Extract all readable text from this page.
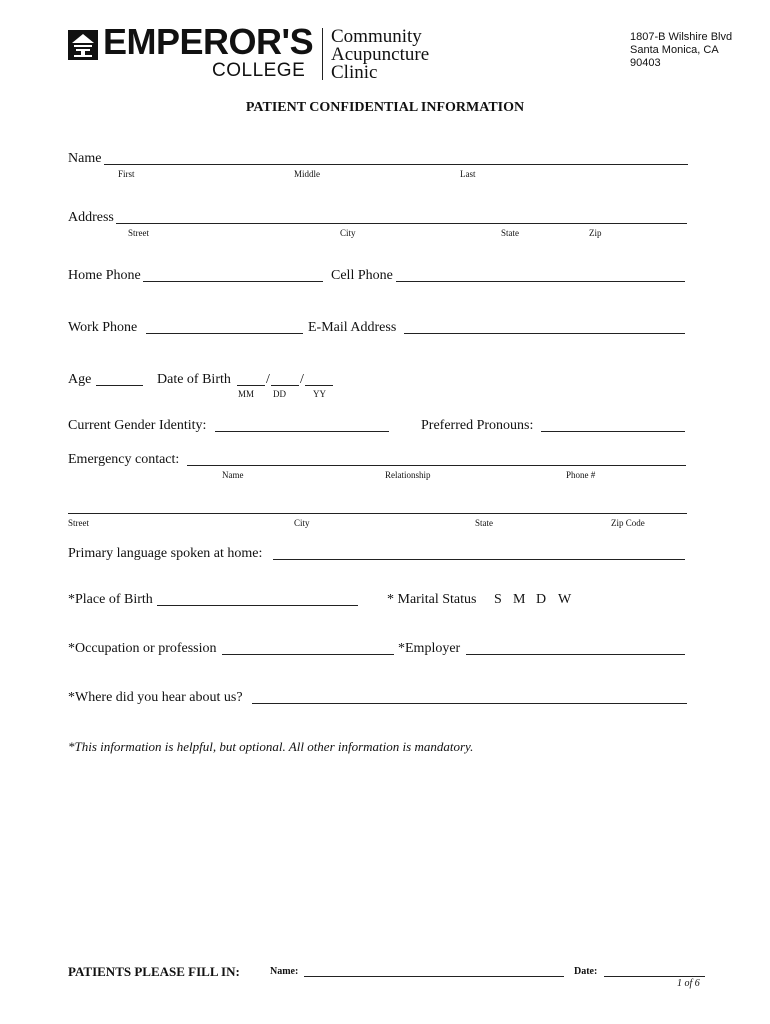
EMPEROR'S
COLLEGE
Community
Acupuncture
Clinic
1807-B Wilshire Blvd
Santa Monica, CA
90403
PATIENT CONFIDENTIAL INFORMATION
Name
First	Middle	Last
Address
Street	City	State	Zip
Home Phone	Cell Phone
Work Phone	E-Mail Address
Age	Date of Birth	/ /
MM DD	YY
Current Gender Identity:	Preferred Pronouns:
Emergency contact:
Name	Relationship	Phone #
Street	City	State	Zip Code
Primary language spoken at home:
*Place of Birth	* Marital Status S M D W
*Occupation or profession	*Employer
*Where did you hear about us?
*This information is helpful, but optional. All other information is mandatory.
PATIENTS PLEASE FILL IN:	Name:	Date:
1 of 6
